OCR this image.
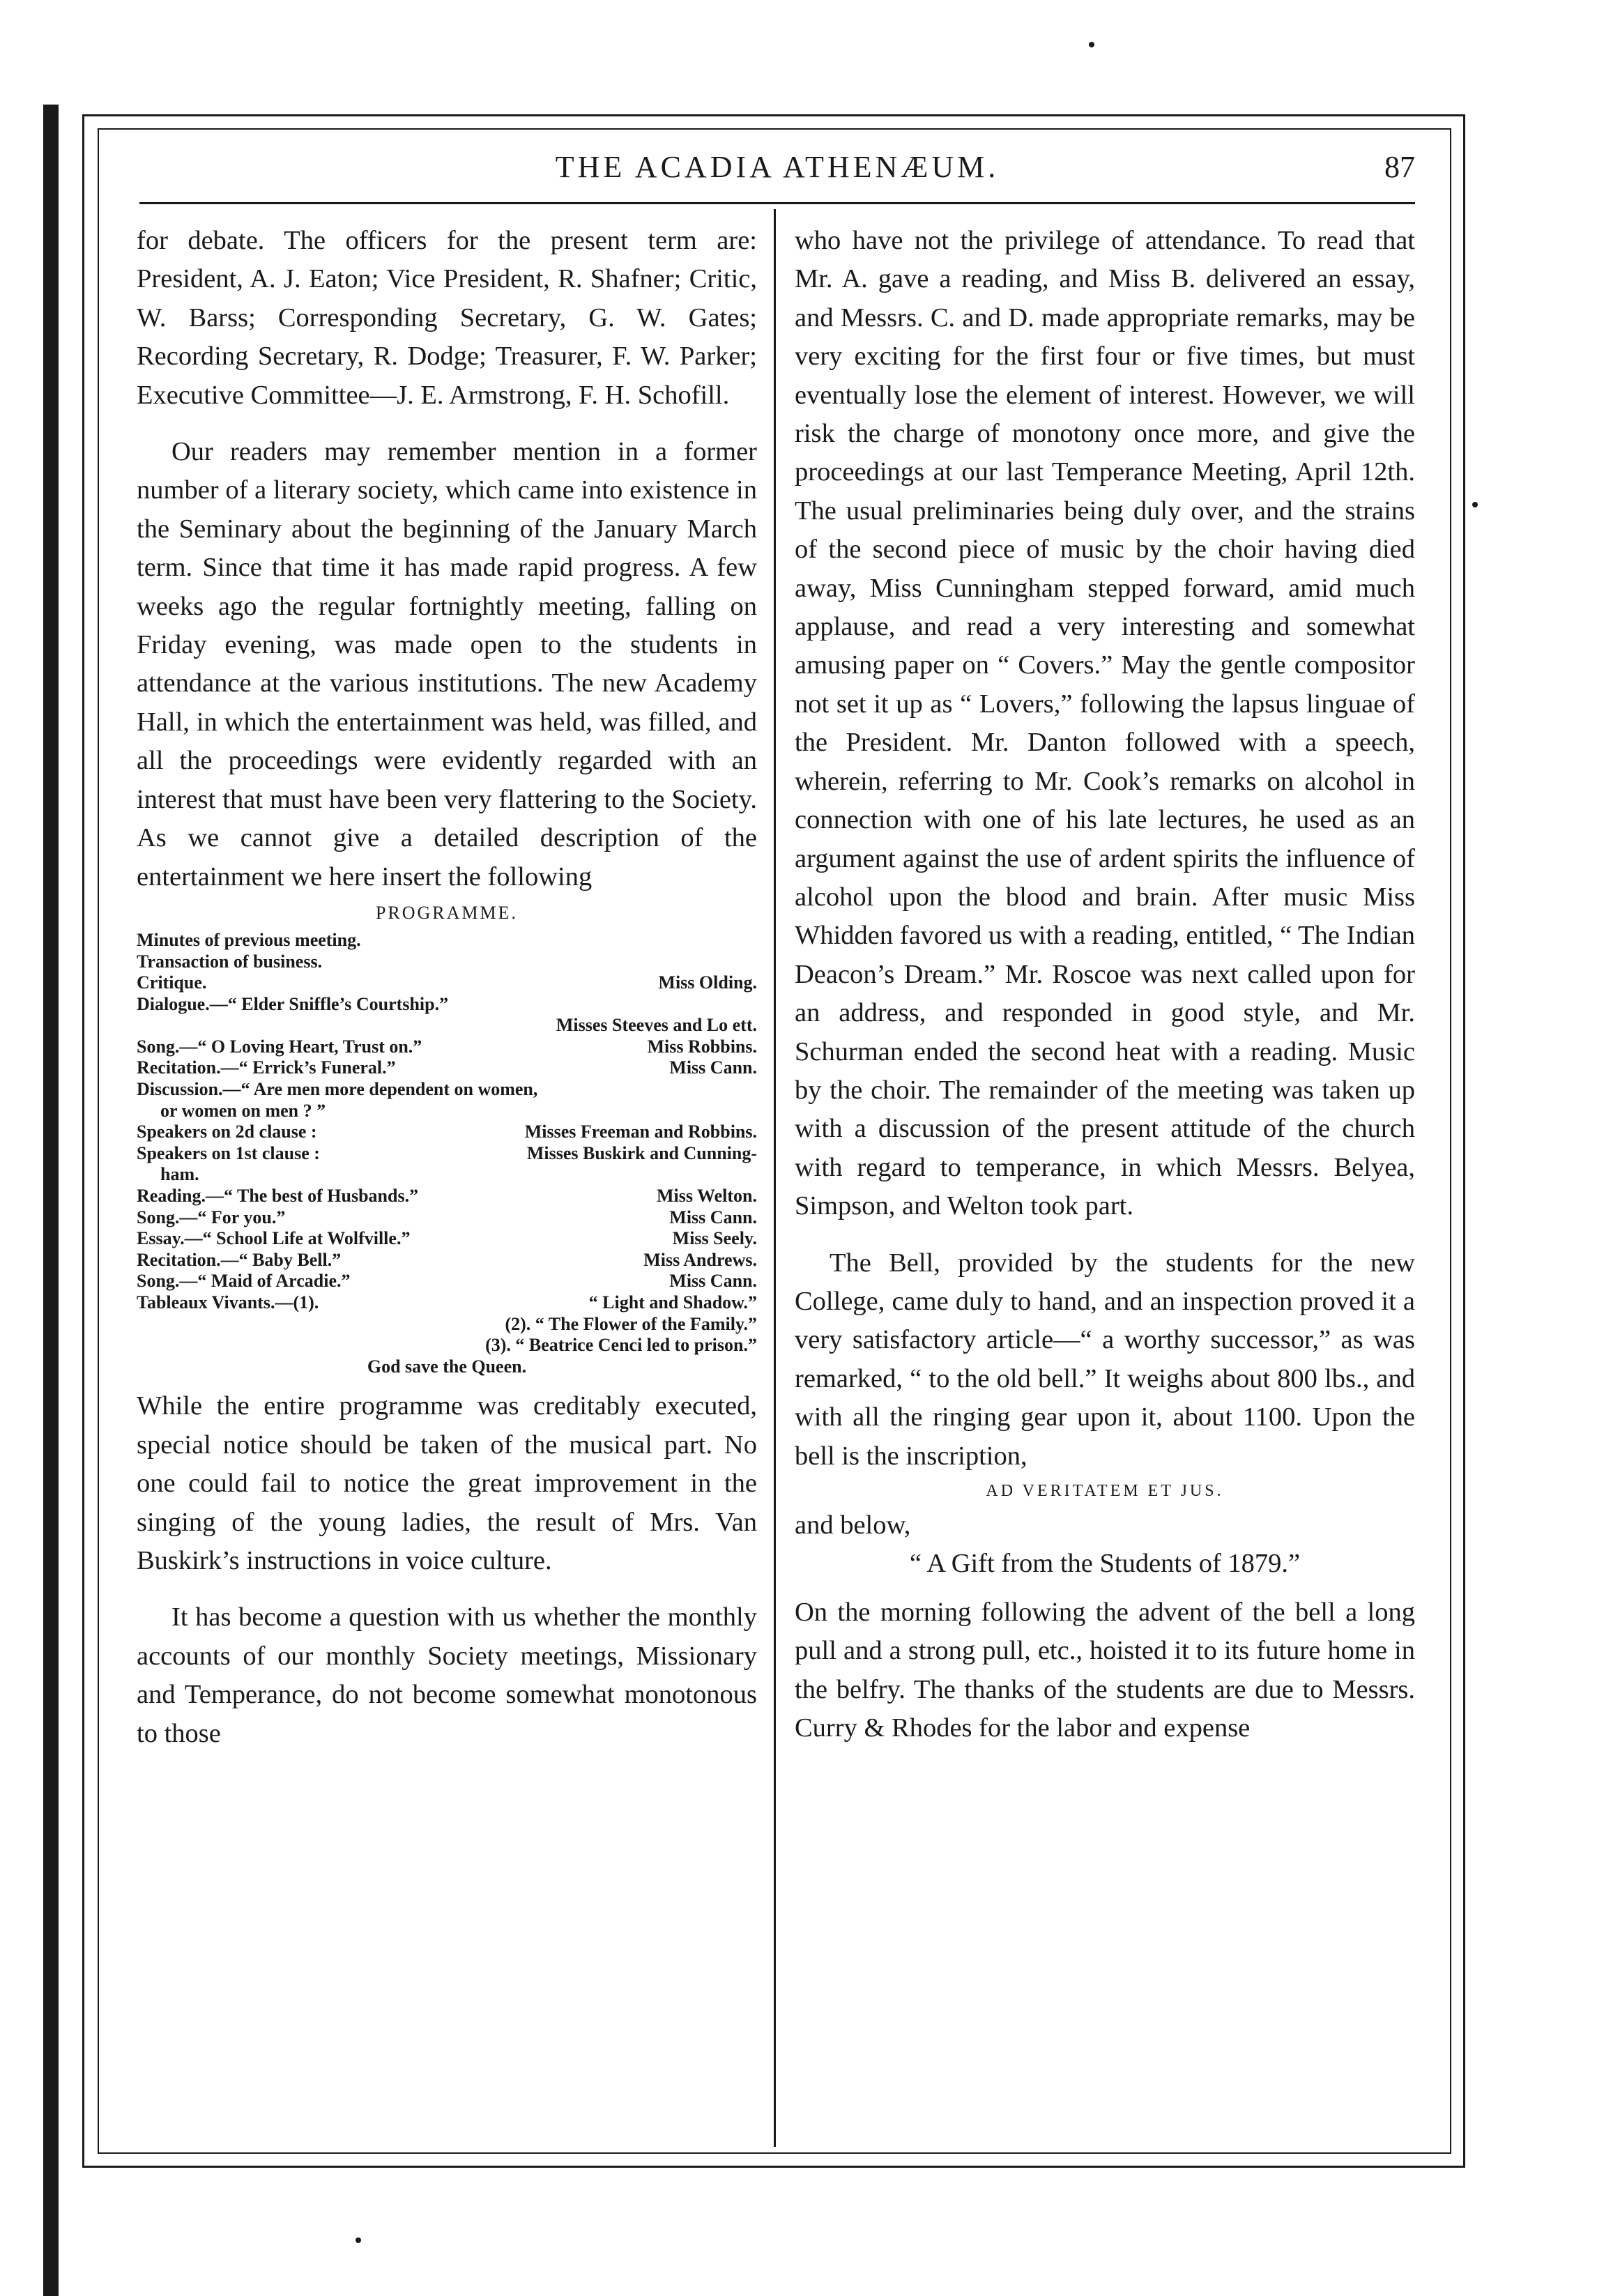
THE ACADIA ATHENÆUM.	87

for debate. The officers for the present term are: President, A. J. Eaton; Vice President, R. Shafner; Critic, W. Barss; Corresponding Secretary, G. W. Gates; Recording Secretary, R. Dodge; Treasurer, F. W. Parker; Executive Committee—J. E. Armstrong, F. H. Schofill.

Our readers may remember mention in a former number of a literary society, which came into existence in the Seminary about the beginning of the January March term. Since that time it has made rapid progress. A few weeks ago the regular fortnightly meeting, falling on Friday evening, was made open to the students in attendance at the various institutions. The new Academy Hall, in which the entertainment was held, was filled, and all the proceedings were evidently regarded with an interest that must have been very flattering to the Society. As we cannot give a detailed description of the entertainment we here insert the following

PROGRAMME.
Minutes of previous meeting.
Transaction of business.
Critique.	Miss Olding.
Dialogue.—“ Elder Sniffle’s Courtship.”
Misses Steeves and Lo ett.
Song.—“ O Loving Heart, Trust on.”	Miss Robbins.
Recitation.—“ Errick’s Funeral.”	Miss Cann.
Discussion.—“ Are men more dependent on women,
or women on men ? ”
Speakers on 2d clause :	Misses Freeman and Robbins.
Speakers on 1st clause :	Misses Buskirk and Cunning-
ham.
Reading.—“ The best of Husbands.”	Miss Welton.
Song.—“ For you.”	Miss Cann.
Essay.—“ School Life at Wolfville.”	Miss Seely.
Recitation.—“ Baby Bell.”	Miss Andrews.
Song.—“ Maid of Arcadie.”	Miss Cann.
Tableaux Vivants.—(1).	“ Light and Shadow.”
(2). “ The Flower of the Family.”
(3). “ Beatrice Cenci led to prison.”
God save the Queen.

While the entire programme was creditably executed, special notice should be taken of the musical part. No one could fail to notice the great improvement in the singing of the young ladies, the result of Mrs. Van Buskirk’s instructions in voice culture.

It has become a question with us whether the monthly accounts of our monthly Society meetings, Missionary and Temperance, do not become somewhat monotonous to those

who have not the privilege of attendance. To read that Mr. A. gave a reading, and Miss B. delivered an essay, and Messrs. C. and D. made appropriate remarks, may be very exciting for the first four or five times, but must eventually lose the element of interest. However, we will risk the charge of monotony once more, and give the proceedings at our last Temperance Meeting, April 12th. The usual preliminaries being duly over, and the strains of the second piece of music by the choir having died away, Miss Cunningham stepped forward, amid much applause, and read a very interesting and somewhat amusing paper on “ Covers.” May the gentle compositor not set it up as “ Lovers,” following the lapsus linguae of the President. Mr. Danton followed with a speech, wherein, referring to Mr. Cook’s remarks on alcohol in connection with one of his late lectures, he used as an argument against the use of ardent spirits the influence of alcohol upon the blood and brain. After music Miss Whidden favored us with a reading, entitled, “ The Indian Deacon’s Dream.” Mr. Roscoe was next called upon for an address, and responded in good style, and Mr. Schurman ended the second heat with a reading. Music by the choir. The remainder of the meeting was taken up with a discussion of the present attitude of the church with regard to temperance, in which Messrs. Belyea, Simpson, and Welton took part.

The Bell, provided by the students for the new College, came duly to hand, and an inspection proved it a very satisfactory article—“ a worthy successor,” as was remarked, “ to the old bell.” It weighs about 800 lbs., and with all the ringing gear upon it, about 1100. Upon the bell is the inscription,

AD VERITATEM ET JUS.

and below,

“ A Gift from the Students of 1879.”

On the morning following the advent of the bell a long pull and a strong pull, etc., hoisted it to its future home in the belfry. The thanks of the students are due to Messrs. Curry & Rhodes for the labor and expense
